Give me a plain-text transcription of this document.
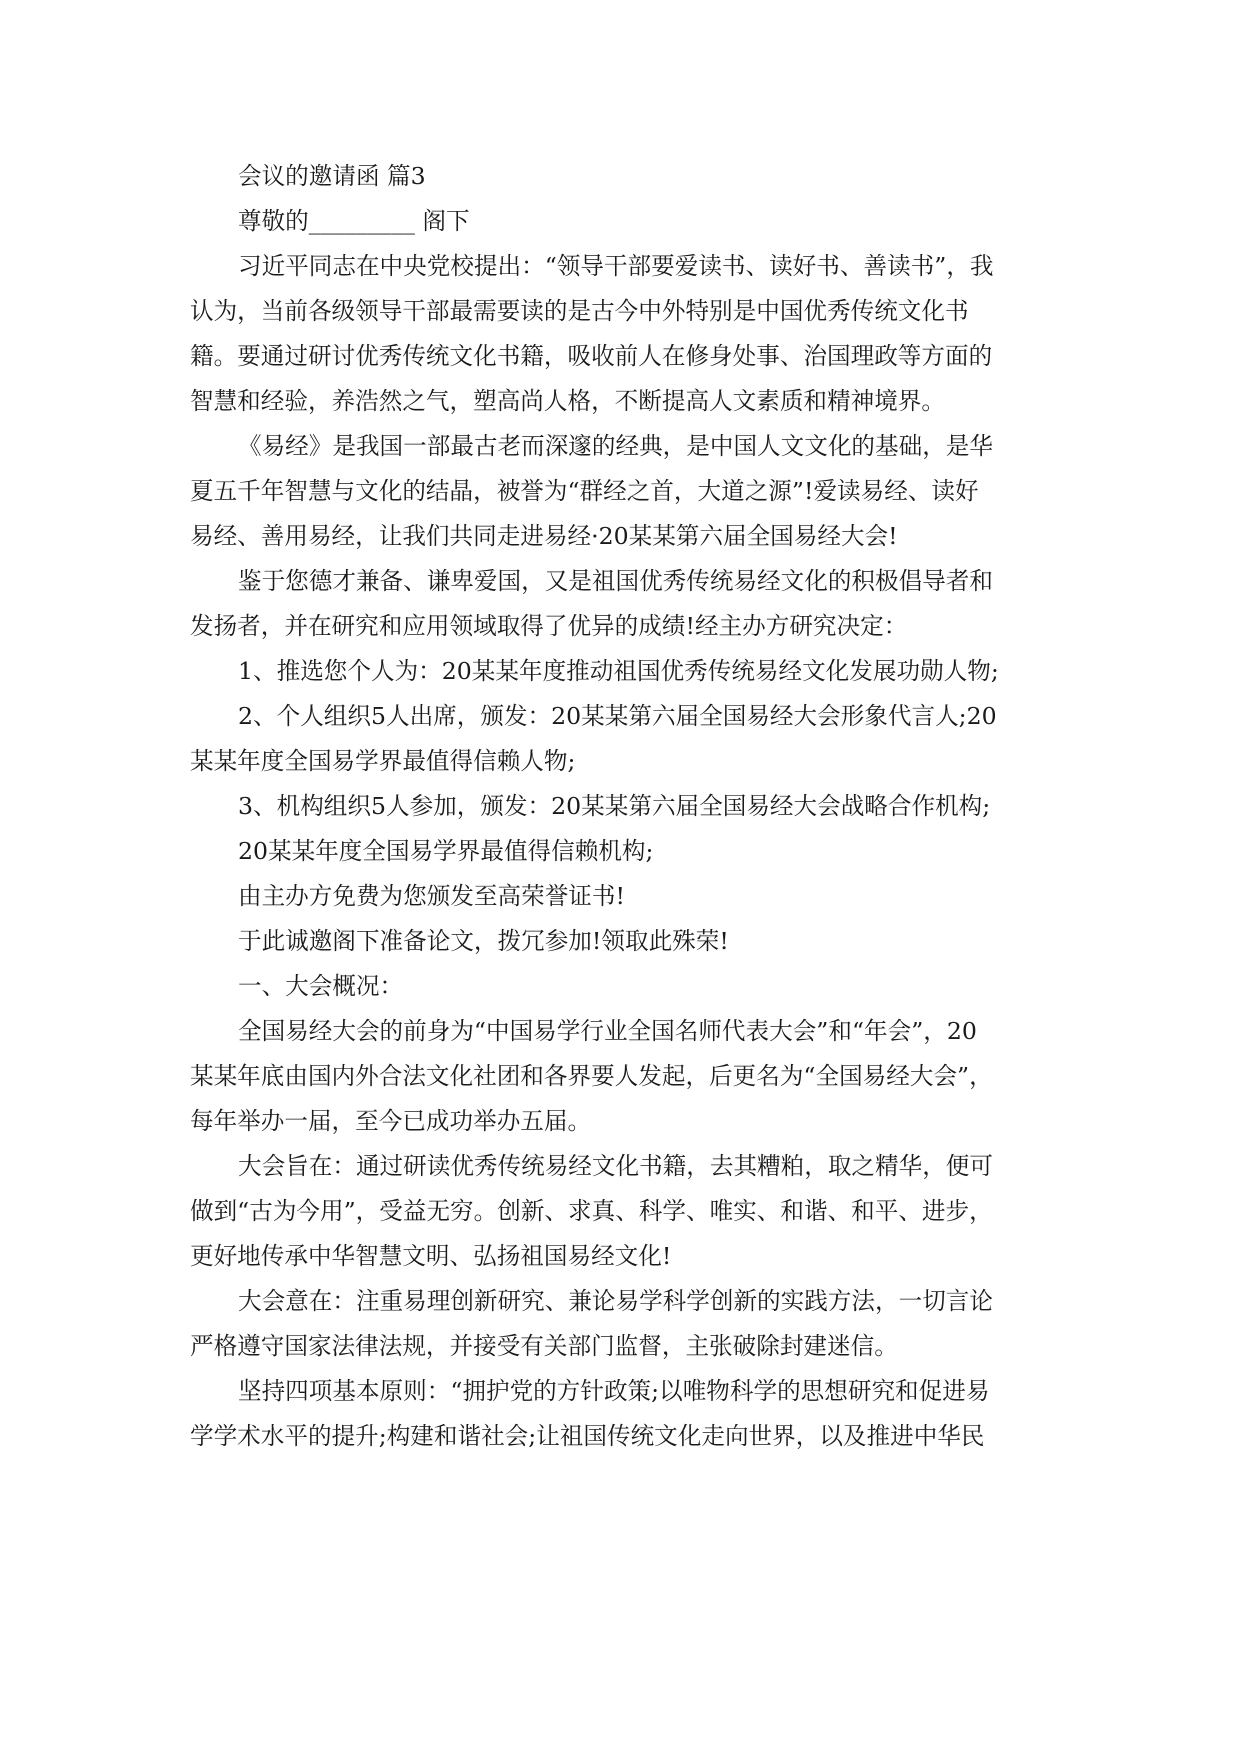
会议的邀请函 篇3
尊敬的_________ 阁下
习近平同志在中央党校提出：“领导干部要爱读书、读好书、善读书”，我
认为，当前各级领导干部最需要读的是古今中外特别是中国优秀传统文化书
籍。要通过研讨优秀传统文化书籍，吸收前人在修身处事、治国理政等方面的
智慧和经验，养浩然之气，塑高尚人格，不断提高人文素质和精神境界。
《易经》是我国一部最古老而深邃的经典，是中国人文文化的基础，是华
夏五千年智慧与文化的结晶，被誉为“群经之首，大道之源”!爱读易经、读好
易经、善用易经，让我们共同走进易经·20某某第六届全国易经大会!
鉴于您德才兼备、谦卑爱国，又是祖国优秀传统易经文化的积极倡导者和
发扬者，并在研究和应用领域取得了优异的成绩!经主办方研究决定：
1、推选您个人为：20某某年度推动祖国优秀传统易经文化发展功勋人物;
2、个人组织5人出席，颁发：20某某第六届全国易经大会形象代言人;20
某某年度全国易学界最值得信赖人物;
3、机构组织5人参加，颁发：20某某第六届全国易经大会战略合作机构;
20某某年度全国易学界最值得信赖机构;
由主办方免费为您颁发至高荣誉证书!
于此诚邀阁下准备论文，拨冗参加!领取此殊荣!
一、大会概况：
全国易经大会的前身为“中国易学行业全国名师代表大会”和“年会”，20
某某年底由国内外合法文化社团和各界要人发起，后更名为“全国易经大会”，
每年举办一届，至今已成功举办五届。
大会旨在：通过研读优秀传统易经文化书籍，去其糟粕，取之精华，便可
做到“古为今用”，受益无穷。创新、求真、科学、唯实、和谐、和平、进步，
更好地传承中华智慧文明、弘扬祖国易经文化!
大会意在：注重易理创新研究、兼论易学科学创新的实践方法，一切言论
严格遵守国家法律法规，并接受有关部门监督，主张破除封建迷信。
坚持四项基本原则：“拥护党的方针政策;以唯物科学的思想研究和促进易
学学术水平的提升;构建和谐社会;让祖国传统文化走向世界，以及推进中华民
